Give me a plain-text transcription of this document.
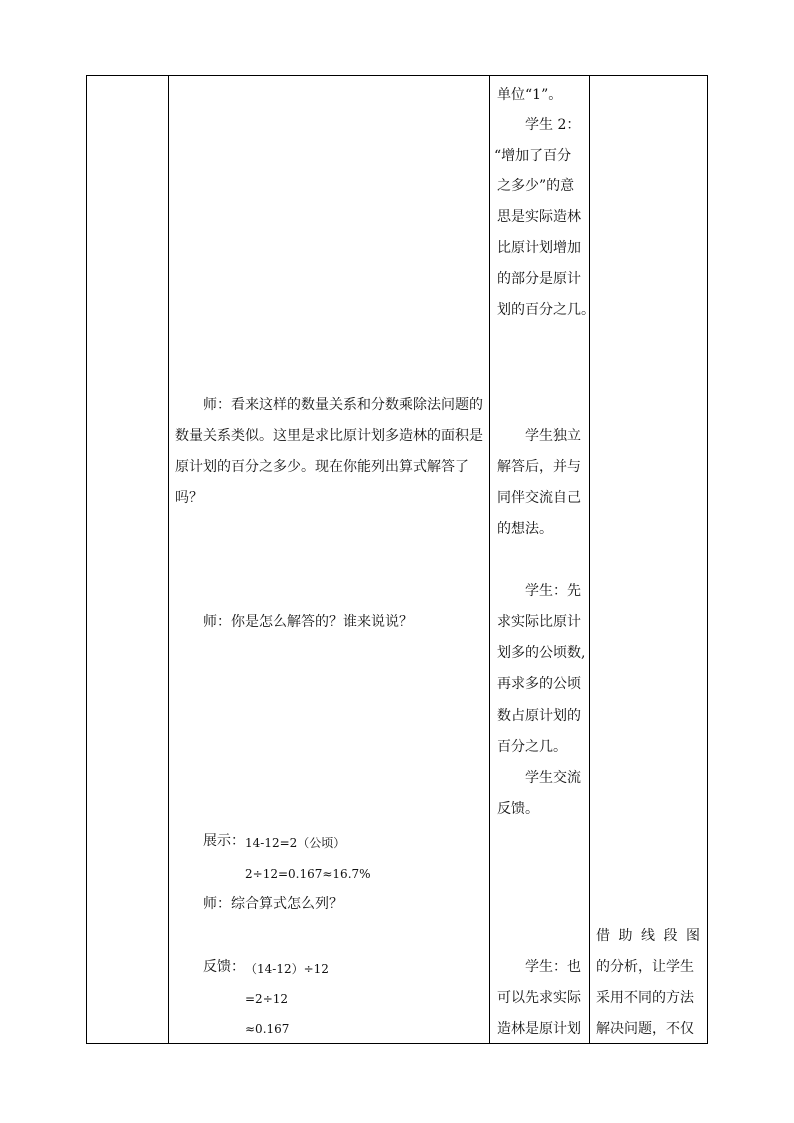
单位“1”。
学生 2：
“增加了百分
之多少”的意
思是实际造林
比原计划增加
的部分是原计
划的百分之几。
学生独立
解答后，并与
同伴交流自己
的想法。
学生：先
求实际比原计
划多的公顷数,
再求多的公顷
数占原计划的
百分之几。
学生交流
反馈。
学生：也
可以先求实际
造林是原计划
师：看来这样的数量关系和分数乘除法问题的
数量关系类似。这里是求比原计划多造林的面积是
原计划的百分之多少。现在你能列出算式解答了
吗？
师：你是怎么解答的？谁来说说？
展示： 14-12=2（公顷）
2÷12=0.167≈16.7%
师：综合算式怎么列？
反馈： （14-12）÷12
=2÷12
≈0.167
借 助 线 段 图
的分析，让学生
采用不同的方法
解决问题，不仅
